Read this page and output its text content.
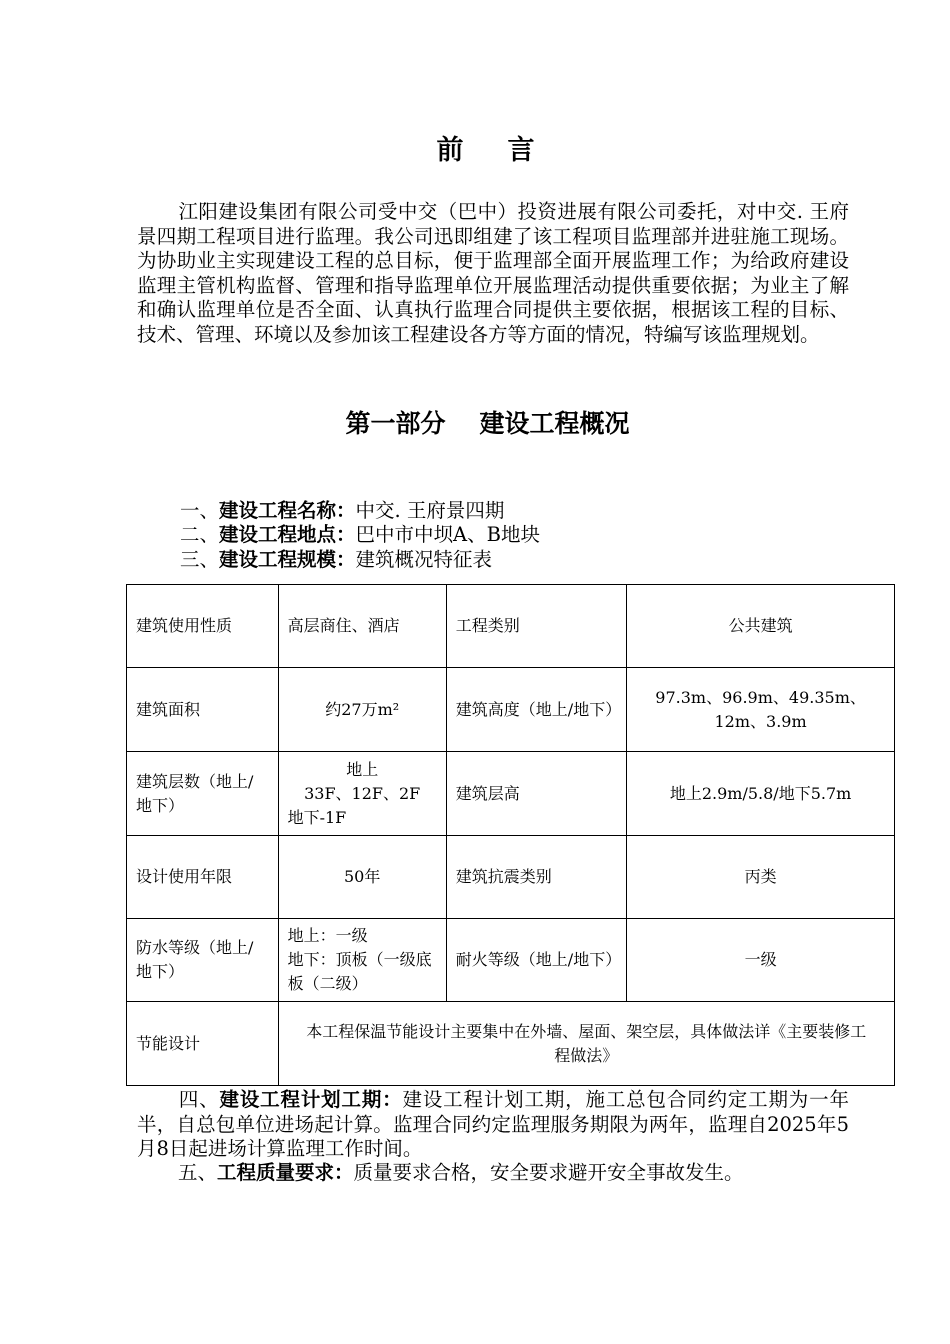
前 言

江阳建设集团有限公司受中交（巴中）投资进展有限公司委托，对中交. 王府景四期工程项目进行监理。我公司迅即组建了该工程项目监理部并进驻施工现场。为协助业主实现建设工程的总目标，便于监理部全面开展监理工作；为给政府建设监理主管机构监督、管理和指导监理单位开展监理活动提供重要依据；为业主了解和确认监理单位是否全面、认真执行监理合同提供主要依据，根据该工程的目标、技术、管理、环境以及参加该工程建设各方等方面的情况，特编写该监理规划。

第一部分 建设工程概况

一、建设工程名称：中交. 王府景四期

二、建设工程地点：巴中市中坝A、B地块

三、建设工程规模：建筑概况特征表

建筑使用性质	高层商住、酒店	工程类别	公共建筑
建筑面积	约27万m²	建筑高度（地上/地下）	97.3m、96.9m、49.35m、12m、3.9m
建筑层数（地上/地下）	地上
33F、12F、2F
地下-1F	建筑层高	地上2.9m/5.8/地下5.7m
设计使用年限	50年	建筑抗震类别	丙类
防水等级（地上/地下）	地上：一级
地下：顶板（一级底板（二级）	耐火等级（地上/地下）	一级
节能设计	本工程保温节能设计主要集中在外墙、屋面、架空层，具体做法详《主要装修工程做法》		

四、建设工程计划工期：建设工程计划工期，施工总包合同约定工期为一年半，自总包单位进场起计算。监理合同约定监理服务期限为两年，监理自2025年5月8日起进场计算监理工作时间。

五、工程质量要求：质量要求合格，安全要求避开安全事故发生。
